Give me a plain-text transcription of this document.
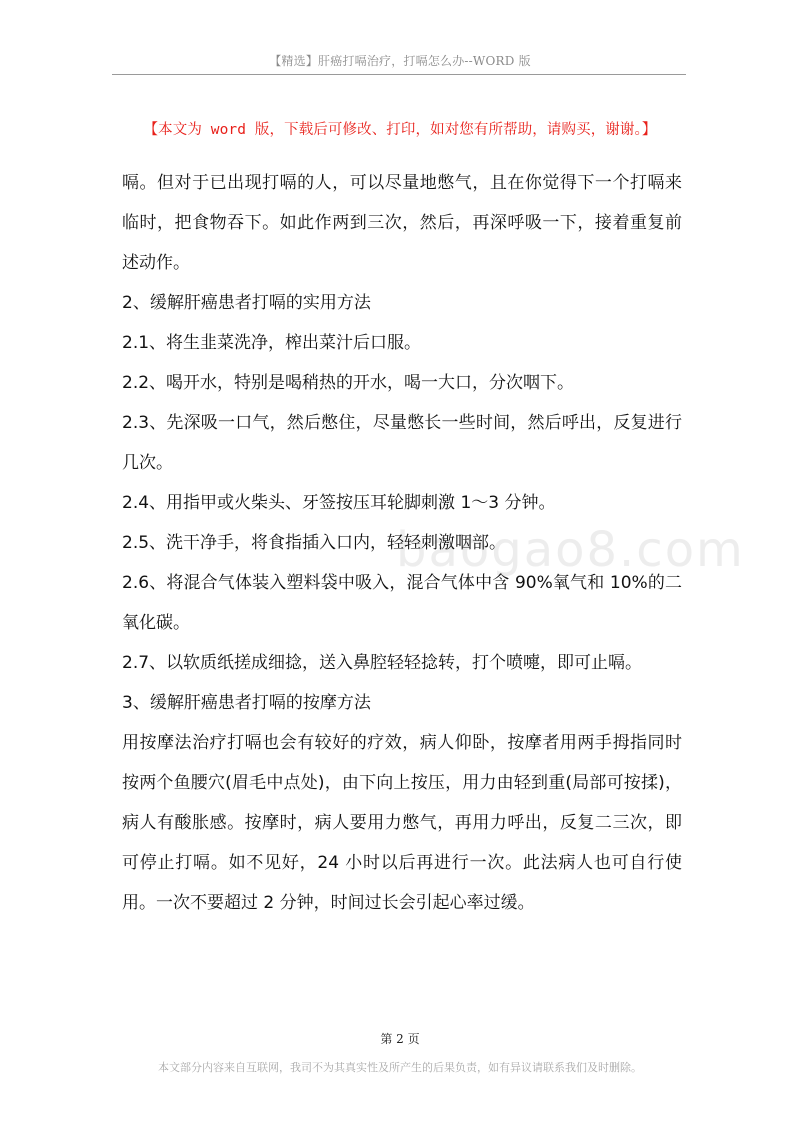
【精选】肝癌打嗝治疗，打嗝怎么办--WORD 版
【本文为 word 版，下载后可修改、打印，如对您有所帮助，请购买，谢谢。】
baogao8.com

嗝。但对于已出现打嗝的人，可以尽量地憋气，且在你觉得下一个打嗝来临时，把食物吞下。如此作两到三次，然后，再深呼吸一下，接着重复前述动作。

2、缓解肝癌患者打嗝的实用方法

2.1、将生韭菜洗净，榨出菜汁后口服。

2.2、喝开水，特别是喝稍热的开水，喝一大口，分次咽下。

2.3、先深吸一口气，然后憋住，尽量憋长一些时间，然后呼出，反复进行几次。

2.4、用指甲或火柴头、牙签按压耳轮脚刺激 1～3 分钟。

2.5、洗干净手，将食指插入口内，轻轻刺激咽部。

2.6、将混合气体装入塑料袋中吸入，混合气体中含 90%氧气和 10%的二氧化碳。

2.7、以软质纸搓成细捻，送入鼻腔轻轻捻转，打个喷嚏，即可止嗝。

3、缓解肝癌患者打嗝的按摩方法

用按摩法治疗打嗝也会有较好的疗效，病人仰卧，按摩者用两手拇指同时按两个鱼腰穴(眉毛中点处)，由下向上按压，用力由轻到重(局部可按揉)，病人有酸胀感。按摩时，病人要用力憋气，再用力呼出，反复二三次，即可停止打嗝。如不见好，24 小时以后再进行一次。此法病人也可自行使用。一次不要超过 2 分钟，时间过长会引起心率过缓。

第 2 页
本文部分内容来自互联网，我司不为其真实性及所产生的后果负责，如有异议请联系我们及时删除。
